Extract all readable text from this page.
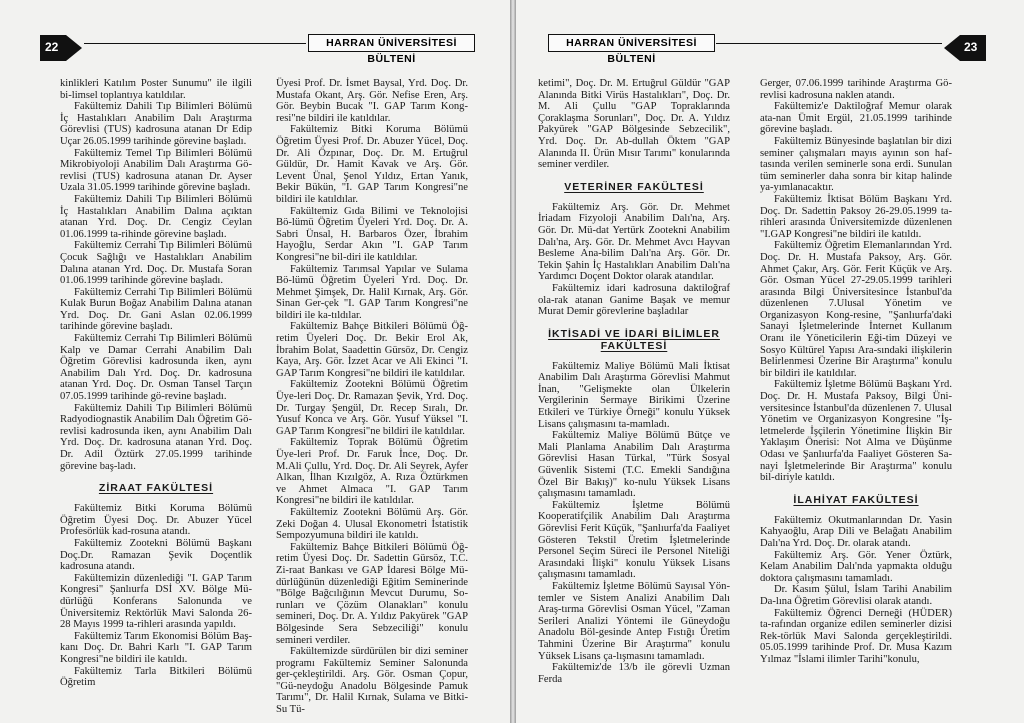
22	HARRAN ÜNİVERSİTESİ BÜLTENİ

kinlikleri Katılım Poster Sunumu" ile ilgili bi-limsel toplantıya katıldılar.

Fakültemiz Dahili Tıp Bilimleri Bölümü İç Hastalıkları Anabilim Dalı Araştırma Görevlisi (TUS) kadrosuna atanan Dr Edip Uçar 26.05.1999 tarihinde görevine başladı.

Fakültemiz Temel Tıp Bilimleri Bölümü Mikrobiyoloji Anabilim Dalı Araştırma Gö-revlisi (TUS) kadrosuna atanan Dr. Ayser Uzala 31.05.1999 tarihinde görevine başladı.

Fakültemiz Dahili Tıp Bilimleri Bölümü İç Hastalıkları Anabilim Dalına açıktan atanan Yrd. Doç. Dr. Cengiz Ceylan 01.06.1999 ta-rihinde görevine başladı.

Fakültemiz Cerrahi Tıp Bilimleri Bölümü Çocuk Sağlığı ve Hastalıkları Anabilim Dalına atanan Yrd. Doç. Dr. Mustafa Soran 01.06.1999 tarihinde görevine başladı.

Fakültemiz Cerrahi Tıp Bilimleri Bölümü Kulak Burun Boğaz Anabilim Dalına atanan Yrd. Doç. Dr. Gani Aslan 02.06.1999 tarihinde görevine başladı.

Fakültemiz Cerrahi Tıp Bilimleri Bölümü Kalp ve Damar Cerrahi Anabilim Dalı Öğretim Görevlisi kadrosunda iken, aynı Anabilim Dalı Yrd. Doç. Dr. kadrosuna atanan Yrd. Doç. Dr. Osman Tansel Tarçın 07.05.1999 tarihinde gö-revine başladı.

Fakültemiz Dahili Tıp Bilimleri Bölümü Radyodiognastik Anabilim Dalı Öğretim Gö-revlisi kadrosunda iken, aynı Anabilim Dalı Yrd. Doç. Dr. kadrosuna atanan Yrd. Doç. Dr. Adil Öztürk 27.05.1999 tarihinde görevine baş-ladı.

ZİRAAT FAKÜLTESİ

Fakültemiz Bitki Koruma Bölümü Öğretim Üyesi Doç. Dr. Abuzer Yücel Profesörlük kad-rosuna atandı.

Fakültemiz Zootekni Bölümü Başkanı Doç.Dr. Ramazan Şevik Doçentlik kadrosuna atandı.

Fakültemizin düzenlediği "I. GAP Tarım Kongresi" Şanlıurfa DSİ XV. Bölge Mü-dürlüğü Konferans Salonunda ve Üniversitemiz Rektörlük Mavi Salonda 26-28 Mayıs 1999 ta-rihleri arasında yapıldı.

Fakültemiz Tarım Ekonomisi Bölüm Baş-kanı Doç. Dr. Bahri Karlı "I. GAP Tarım Kongresi"ne bildiri ile katıldı.

Fakültemiz Tarla Bitkileri Bölümü Öğretim

Üyesi Prof. Dr. İsmet Baysal, Yrd. Doç. Dr. Mustafa Okant, Arş. Gör. Nefise Eren, Arş. Gör. Beybin Bucak "I. GAP Tarım Kong-resi"ne bildiri ile katıldılar.

Fakültemiz Bitki Koruma Bölümü Öğretim Üyesi Prof. Dr. Abuzer Yücel, Doç. Dr. Ali Özpınar, Doç. Dr. M. Ertuğrul Güldür, Dr. Hamit Kavak ve Arş. Gör. Levent Ünal, Şenol Yıldız, Ertan Yanık, Bekir Bükün, "I. GAP Tarım Kongresi"ne bildiri ile katıldılar.

Fakültemiz Gıda Bilimi ve Teknolojisi Bö-lümü Öğretim Üyeleri Yrd. Doç. Dr. A. Sabri Ünsal, H. Barbaros Özer, İbrahim Hayoğlu, Serdar Akın "I. GAP Tarım Kongresi"ne bil-diri ile katıldılar.

Fakültemiz Tarımsal Yapılar ve Sulama Bö-lümü Öğretim Üyeleri Yrd. Doç. Dr. Mehmet Şimşek, Dr. Halil Kırnak, Arş. Gör. Sinan Ger-çek "I. GAP Tarım Kongresi"ne bildiri ile ka-tıldılar.

Fakültemiz Bahçe Bitkileri Bölümü Öğ-retim Üyeleri Doç. Dr. Bekir Erol Ak, İbrahim Bolat, Saadettin Gürsöz, Dr. Cengiz Kaya, Arş. Gör. İzzet Acar ve Ali Ekinci "I. GAP Tarım Kongresi"ne bildiri ile katıldılar.

Fakültemiz Zootekni Bölümü Öğretim Üye-leri Doç. Dr. Ramazan Şevik, Yrd. Doç. Dr. Turgay Şengül, Dr. Recep Sıralı, Dr. Yusuf Konca ve Arş. Gör. Yusuf Yüksel "I. GAP Tarım Kongresi"ne bildiri ile katıldılar.

Fakültemiz Toprak Bölümü Öğretim Üye-leri Prof. Dr. Faruk İnce, Doç. Dr. M.Ali Çullu, Yrd. Doç. Dr. Ali Seyrek, Ayfer Alkan, İlhan Kızılgöz, A. Rıza Öztürkmen ve Ahmet Almaca "I. GAP Tarım Kongresi"ne bildiri ile katıldılar.

Fakültemiz Zootekni Bölümü Arş. Gör. Zeki Doğan 4. Ulusal Ekonometri İstatistik Sempozyumuna bildiri ile katıldı.

Fakültemiz Bahçe Bitkileri Bölümü Öğ-retim Üyesi Doç. Dr. Sadettin Gürsöz, T.C. Zi-raat Bankası ve GAP İdaresi Bölge Mü-dürlüğünün düzenlediği Eğitim Seminerinde "Bölge Bağcılığının Mevcut Durumu, So-runları ve Çözüm Olanakları" konulu semineri, Doç. Dr. A. Yıldız Pakyürek "GAP Bölgesinde Sera Sebzeciliği" konulu semineri verdiler.

Fakültemizde sürdürülen bir dizi seminer programı Fakültemiz Seminer Salonunda ger-çekleştirildi. Arş. Gör. Osman Çopur, "Gü-neydoğu Anadolu Bölgesinde Pamuk Tarımı", Dr. Halil Kırnak, Sulama ve Bitki-Su Tü-

HARRAN ÜNİVERSİTESİ BÜLTENİ
23

ketimi", Doç. Dr. M. Ertuğrul Güldür "GAP Alanında Bitki Virüs Hastalıkları", Doç. Dr. M. Ali Çullu "GAP Topraklarında Çoraklaşma Sorunları", Doç. Dr. A. Yıldız Pakyürek "GAP Bölgesinde Sebzecilik", Yrd. Doç. Dr. Ab-dullah Öktem "GAP Alanında II. Ürün Mısır Tarımı" konularında seminer verdiler.

VETERİNER FAKÜLTESİ

Fakültemiz Arş. Gör. Dr. Mehmet İriadam Fizyoloji Anabilim Dalı'na, Arş. Gör. Dr. Mü-dat Yertürk Zootekni Anabilim Dalı'na, Arş. Gör. Dr. Mehmet Avcı Hayvan Besleme Ana-bilim Dalı'na Arş. Gör. Dr. Tekin Şahin İç Hastalıkları Anabilim Dalı'na Yardımcı Doçent Doktor olarak atandılar.

Fakültemiz idari kadrosuna daktiloğraf ola-rak atanan Ganime Başak ve memur Murat Demir görevlerine başladılar

İKTİSADİ VE İDARİ BİLİMLER FAKÜLTESİ

Fakültemiz Maliye Bölümü Mali İktisat Anabilim Dalı Araştırma Görevlisi Mahmut İnan, "Gelişmekte olan Ülkelerin Vergilerinin Sermaye Birikimi Üzerine Etkileri ve Türkiye Örneği" konulu Yüksek Lisans çalışmasını ta-mamladı.

Fakültemiz Maliye Bölümü Bütçe ve Mali Planlama Anabilim Dalı Araştırma Görevlisi Hasan Türkal, "Türk Sosyal Güvenlik Sistemi (T.C. Emekli Sandığına Özel Bir Bakış)" ko-nulu Yüksek Lisans çalışmasını tamamladı.

Fakültemiz İşletme Bölümü Kooperatifçilik Anabilim Dalı Araştırma Görevlisi Ferit Küçük, "Şanlıurfa'da Faaliyet Gösteren Tekstil Üretim İşletmelerinde Personel Seçim Süreci ile Personel Niteliği Arasındaki İlişki" konulu Yüksek Lisans çalışmasını tamamladı.

Fakültemiz İşletme Bölümü Sayısal Yön-temler ve Sistem Analizi Anabilim Dalı Araş-tırma Görevlisi Osman Yücel, "Zaman Serileri Analizi Yöntemi ile Güneydoğu Anadolu Böl-gesinde Antep Fıstığı Üretim Tahmini Üzerine Bir Araştırma" konulu Yüksek Lisans ça-lışmasını tamamladı.

Fakültemiz'de 13/b ile görevli Uzman Ferda

Gerger, 07.06.1999 tarihinde Araştırma Gö-revlisi kadrosuna naklen atandı.

Fakültemiz'e Daktiloğraf Memur olarak ata-nan Ümit Ergül, 21.05.1999 tarihinde görevine başladı.

Fakültemiz Bünyesinde başlatılan bir dizi seminer çalışmaları mayıs ayının son haf-tasında verilen seminerle sona erdi. Sunulan tüm seminerler daha sonra bir kitap halinde ya-yımlanacaktır.

Fakültemiz İktisat Bölüm Başkanı Yrd. Doç. Dr. Sadettin Paksoy 26-29.05.1999 ta-rihleri arasında Üniversitemizde düzenlenen "I.GAP Kongresi"ne bildiri ile katıldı.

Fakültemiz Öğretim Elemanlarından Yrd. Doç. Dr. H. Mustafa Paksoy, Arş. Gör. Ahmet Çakır, Arş. Gör. Ferit Küçük ve Arş. Gör. Osman Yücel 27-29.05.1999 tarihleri arasında Bilgi Üniversitesince İstanbul'da düzenlenen 7.Ulusal Yönetim ve Organizasyon Kong-resine, "Şanlıurfa'daki Sanayi İşletmelerinde İnternet Kullanım Oranı ile Yöneticilerin Eği-tim Düzeyi ve Sosyo Kültürel Yapısı Ara-sındaki ilişkilerin Belirlenmesi Üzerine Bir Araştırma" konulu bir bildiri ile katıldılar.

Fakültemiz İşletme Bölümü Başkanı Yrd. Doç. Dr. H. Mustafa Paksoy, Bilgi Üni-versitesince İstanbul'da düzenlenen 7. Ulusal Yönetim ve Organizasyon Kongresine "İş-letmelerde İşçilerin Yönetimine İlişkin Bir Yaklaşım Önerisi: Not Alma ve Düşünme Odası ve Şanlıurfa'da Faaliyet Gösteren Sa-nayi İşletmelerinde Bir Araştırma" konulu bil-diriyle katıldı.

İLAHİYAT FAKÜLTESİ

Fakültemiz Okutmanlarından Dr. Yasin Kahyaoğlu, Arap Dili ve Belağatı Anabilim Dalı'na Yrd. Doç. Dr. olarak atandı.

Fakültemiz Arş. Gör. Yener Öztürk, Kelam Anabilim Dalı'nda yapmakta olduğu doktora çalışmasını tamamladı.

Dr. Kasım Şülul, İslam Tarihi Anabilim Da-lına Öğretim Görevlisi olarak atandı.

Fakültemiz Öğrenci Derneği (HÜDER) ta-rafından organize edilen seminerler dizisi Rek-törlük Mavi Salonda gerçekleştirildi. 05.05.1999 tarihinde Prof. Dr. Musa Kazım Yılmaz "İslami ilimler Tarihi"konulu,
